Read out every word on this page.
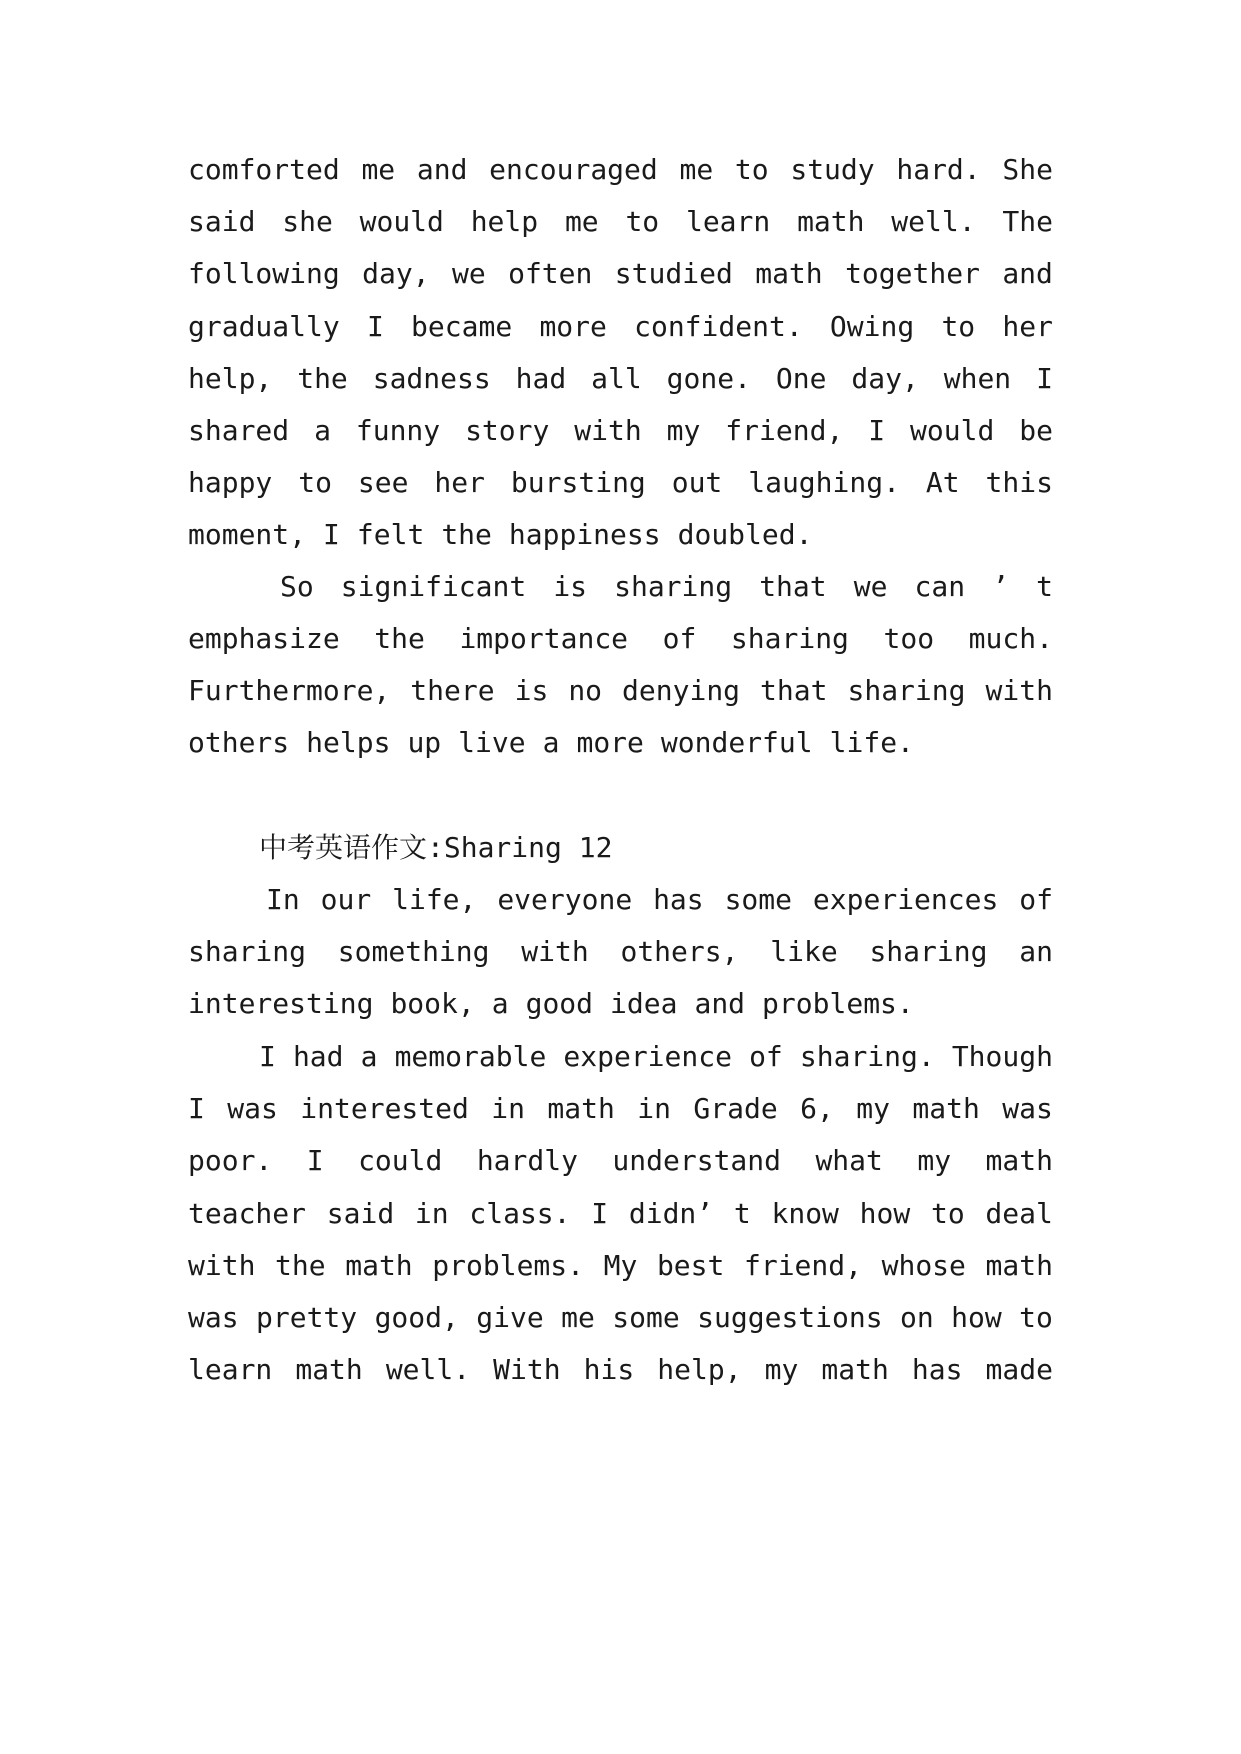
comforted me and encouraged me to study hard. She
said she would help me to learn math well. The
following day, we often studied math together and
gradually I became more confident. Owing to her
help, the sadness had all gone. One day, when I
shared a funny story with my friend, I would be
happy to see her bursting out laughing. At this
moment, I felt the happiness doubled.
So significant is sharing that we can ’ t
emphasize the importance of sharing too much.
Furthermore, there is no denying that sharing with
others helps up live a more wonderful life.
中考英语作文:Sharing 12
In our life, everyone has some experiences of
sharing something with others, like sharing an
interesting book, a good idea and problems.
I had a memorable experience of sharing. Though
I was interested in math in Grade 6, my math was
poor. I could hardly understand what my math
teacher said in class. I didn’ t know how to deal
with the math problems. My best friend, whose math
was pretty good, give me some suggestions on how to
learn math well. With his help, my math has made
